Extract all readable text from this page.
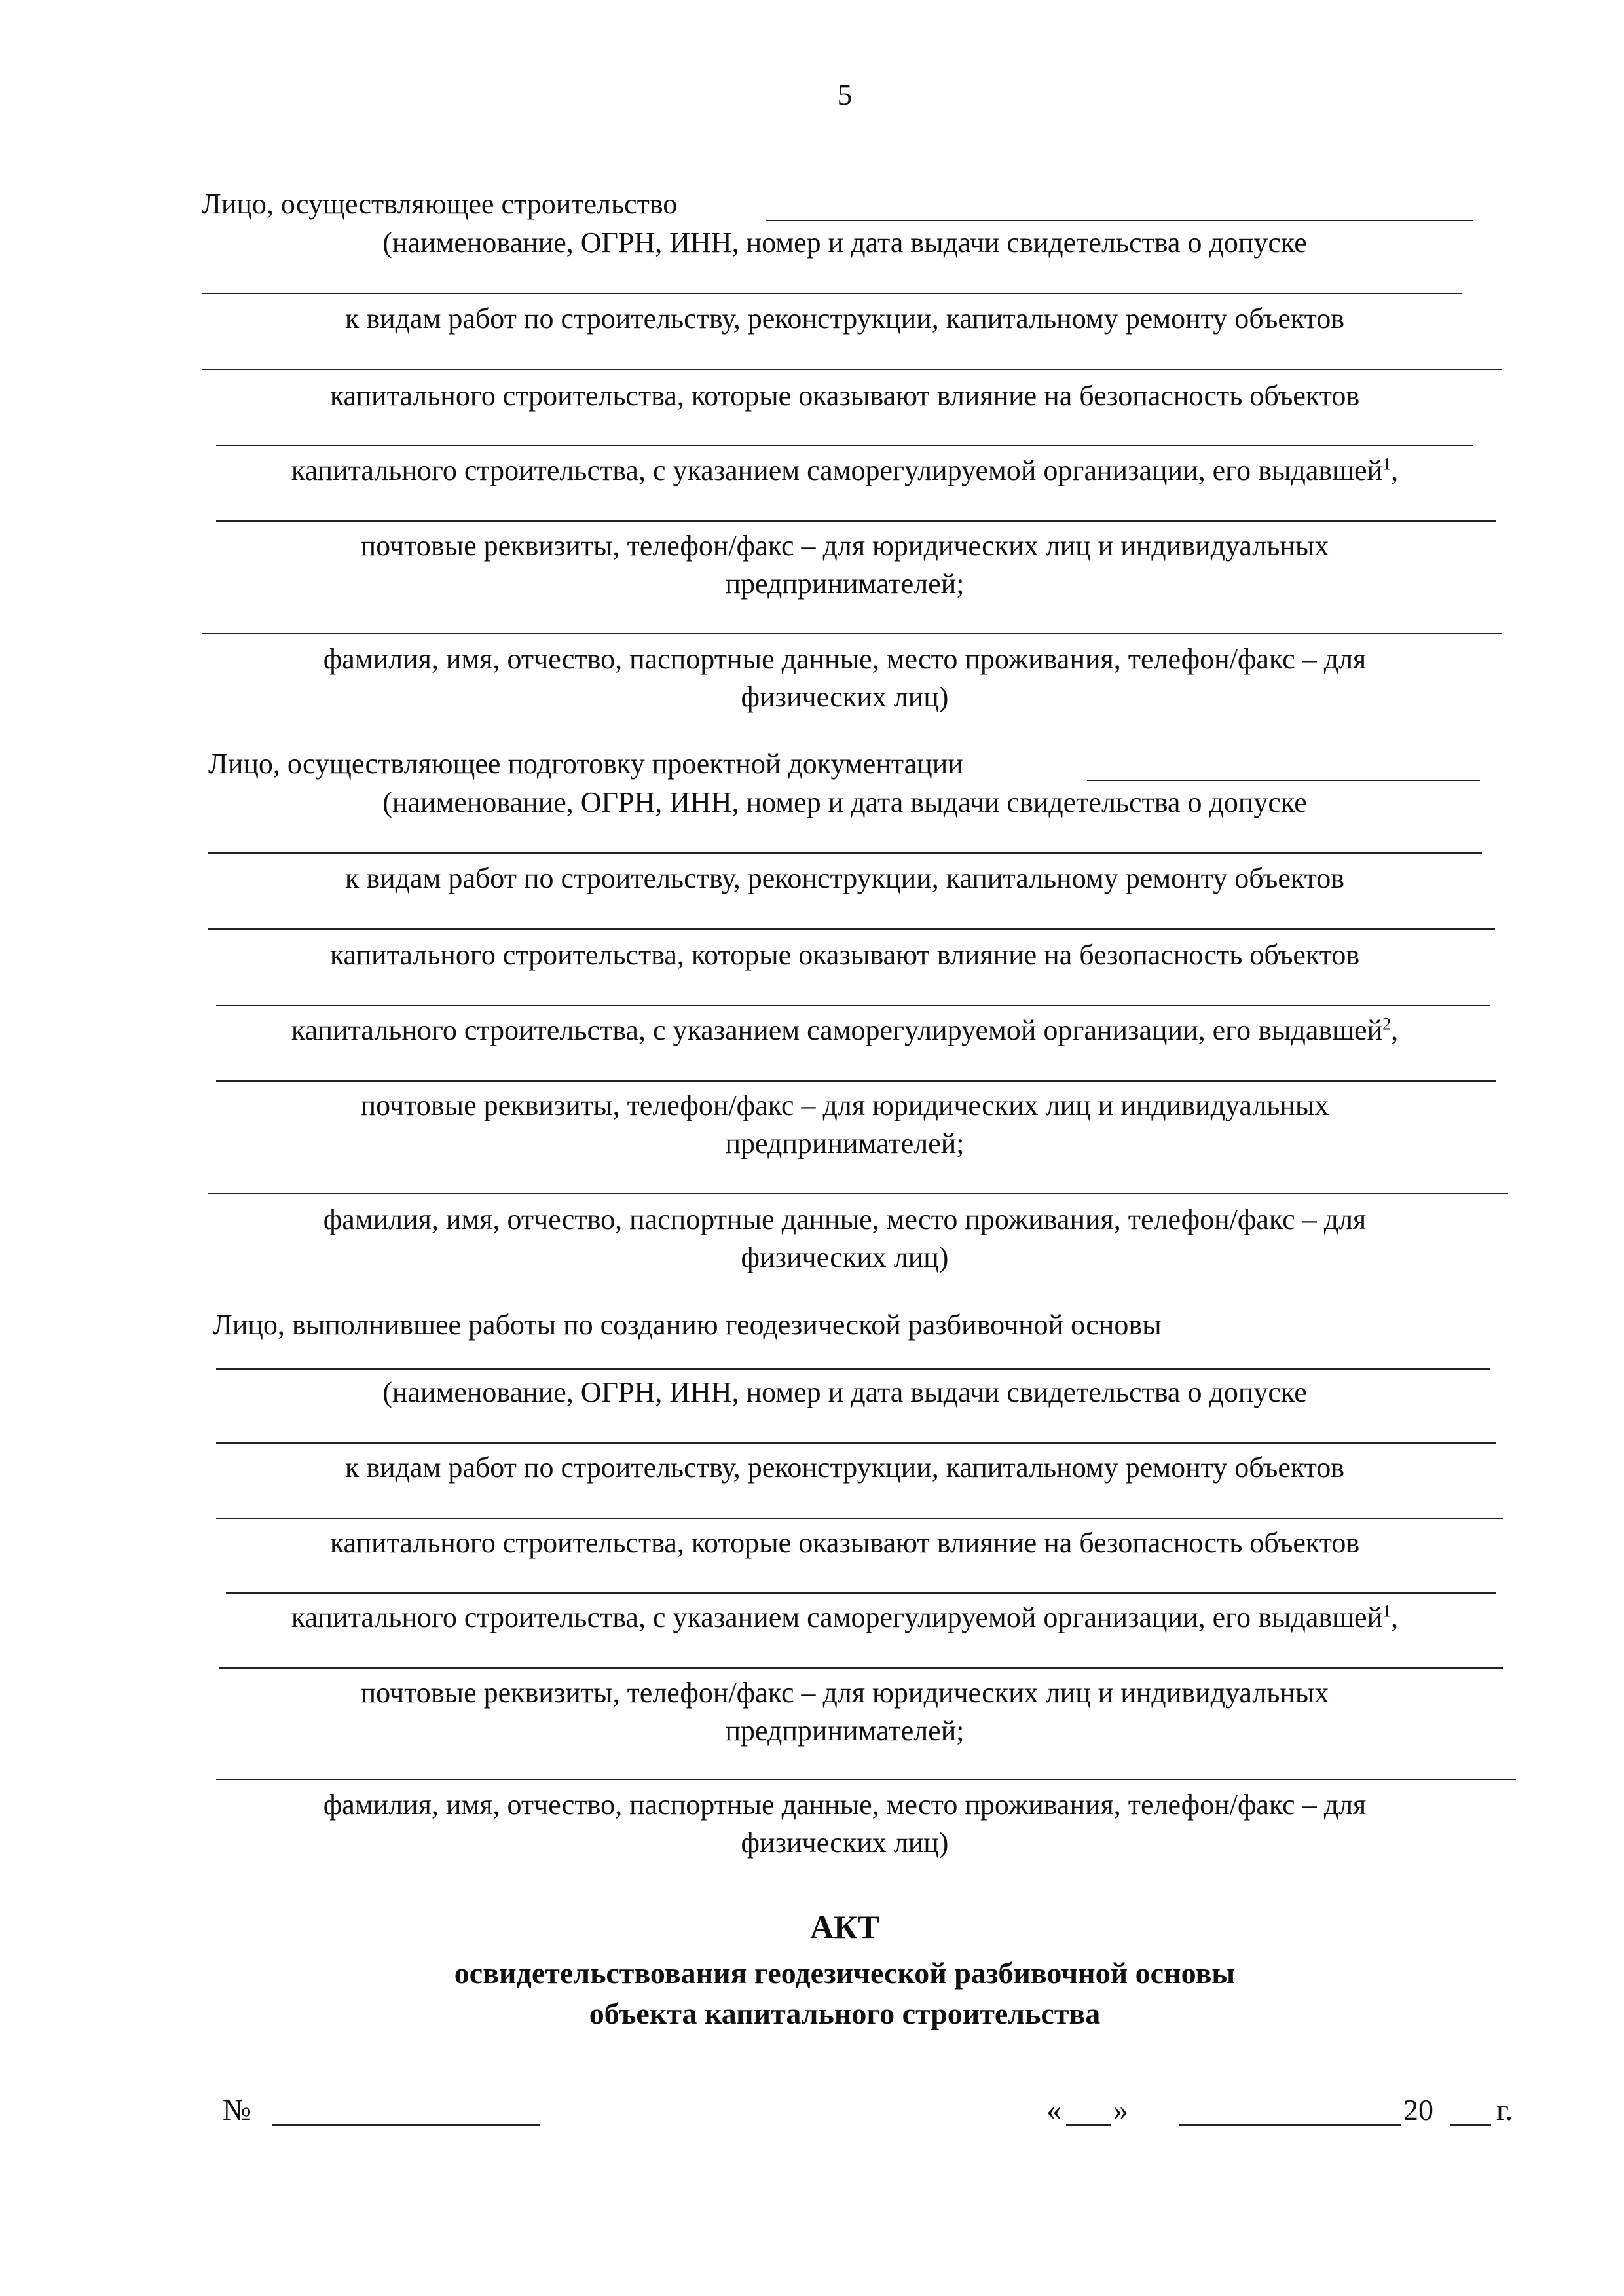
5
Лицо, осуществляющее строительство
(наименование, ОГРН, ИНН, номер и дата выдачи свидетельства о допуске
к видам работ по строительству, реконструкции, капитальному ремонту объектов
капитального строительства, которые оказывают влияние на безопасность объектов
капитального строительства, с указанием саморегулируемой организации, его выдавшей$^1$,
почтовые реквизиты, телефон/факс – для юридических лиц и индивидуальных
предпринимателей;
фамилия, имя, отчество, паспортные данные, место проживания, телефон/факс – для
физических лиц)
Лицо, осуществляющее подготовку проектной документации
(наименование, ОГРН, ИНН, номер и дата выдачи свидетельства о допуске
к видам работ по строительству, реконструкции, капитальному ремонту объектов
капитального строительства, которые оказывают влияние на безопасность объектов
капитального строительства, с указанием саморегулируемой организации, его выдавшей$^2$,
почтовые реквизиты, телефон/факс – для юридических лиц и индивидуальных
предпринимателей;
фамилия, имя, отчество, паспортные данные, место проживания, телефон/факс – для
физических лиц)
Лицо, выполнившее работы по созданию геодезической разбивочной основы
(наименование, ОГРН, ИНН, номер и дата выдачи свидетельства о допуске
к видам работ по строительству, реконструкции, капитальному ремонту объектов
капитального строительства, которые оказывают влияние на безопасность объектов
капитального строительства, с указанием саморегулируемой организации, его выдавшей$^1$,
почтовые реквизиты, телефон/факс – для юридических лиц и индивидуальных
предпринимателей;
фамилия, имя, отчество, паспортные данные, место проживания, телефон/факс – для
физических лиц)
АКТ
освидетельствования геодезической разбивочной основы
объекта капитального строительства
№	« »	20 г.
